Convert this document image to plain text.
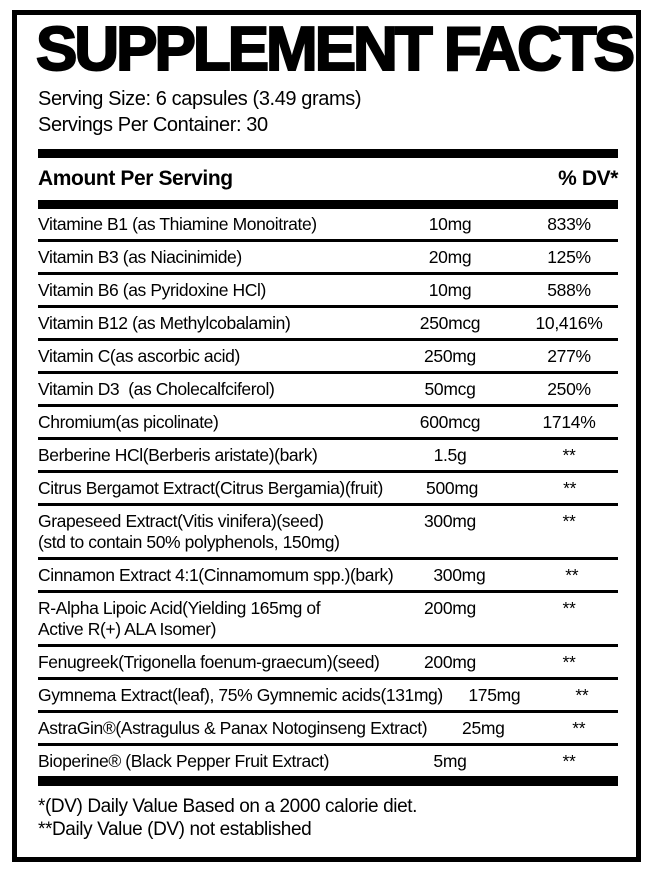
SUPPLEMENT FACTS
Serving Size: 6 capsules (3.49 grams)
Servings Per Container: 30
Amount Per Serving	% DV*
Vitamine B1 (as Thiamine Monoitrate)	10mg	833%
Vitamin B3 (as Niacinimide)	20mg	125%
Vitamin B6 (as Pyridoxine HCl)	10mg	588%
Vitamin B12 (as Methylcobalamin)	250mcg	10,416%
Vitamin C(as ascorbic acid)	250mg	277%
Vitamin D3  (as Cholecalfciferol)	50mcg	250%
Chromium(as picolinate)	600mcg	1714%
Berberine HCl(Berberis aristate)(bark)	1.5g	**
Citrus Bergamot Extract(Citrus Bergamia)(fruit)	500mg	**
Grapeseed Extract(Vitis vinifera)(seed)
(std to contain 50% polyphenols, 150mg)
300mg	**
Cinnamon Extract 4:1(Cinnamomum spp.)(bark)	300mg	**
R-Alpha Lipoic Acid(Yielding 165mg of
Active R(+) ALA Isomer)
200mg	**
Fenugreek(Trigonella foenum-graecum)(seed)	200mg	**
Gymnema Extract(leaf), 75% Gymnemic acids(131mg)	175mg	**
AstraGin®(Astragulus & Panax Notoginseng Extract)	25mg	**
Bioperine® (Black Pepper Fruit Extract)	5mg	**
*(DV) Daily Value Based on a 2000 calorie diet.
**Daily Value (DV) not established
